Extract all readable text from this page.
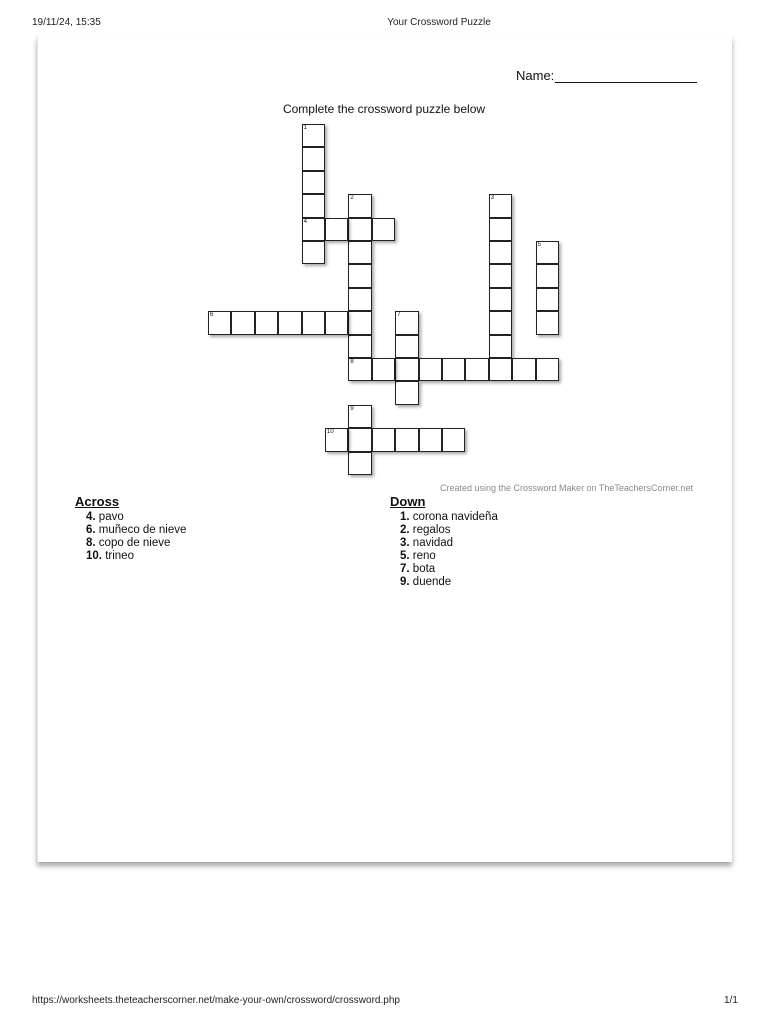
19/11/24, 15:35	Your Crossword Puzzle
Name:
Complete the crossword puzzle below
1
4
2	3
5
6	7
8
9
10
Created using the Crossword Maker on TheTeachersCorner.net
Across	Down
4. pavo
6. muñeco de nieve
8. copo de nieve
10. trineo
1. corona navideña
2. regalos
3. navidad
5. reno
7. bota
9. duende
https://worksheets.theteacherscorner.net/make-your-own/crossword/crossword.php	1/1
